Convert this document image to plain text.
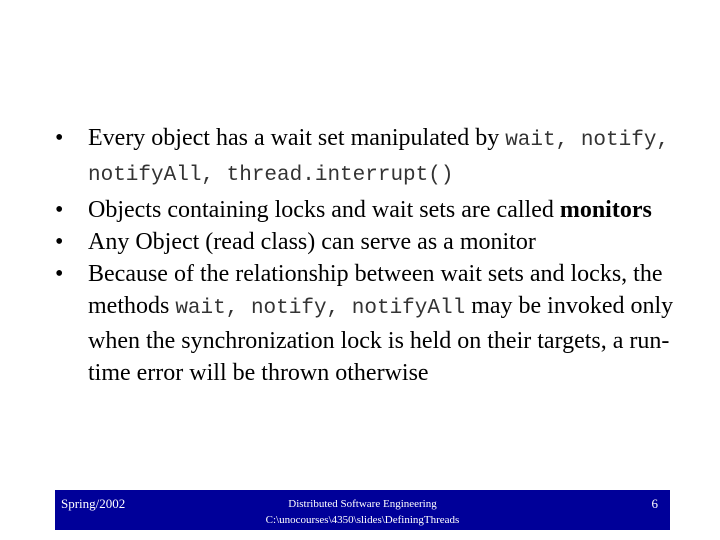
• Every object has a wait set manipulated by wait, notify, notifyAll, thread.interrupt()
• Objects containing locks and wait sets are called monitors
• Any Object (read class) can serve as a monitor
• Because of the relationship between wait sets and locks, the methods wait, notify, notifyAll may be invoked only when the synchronization lock is held on their targets, a run-time error will be thrown otherwise
Spring/2002	Distributed Software Engineering
C:\unocourses\4350\slides\DefiningThreads
6
